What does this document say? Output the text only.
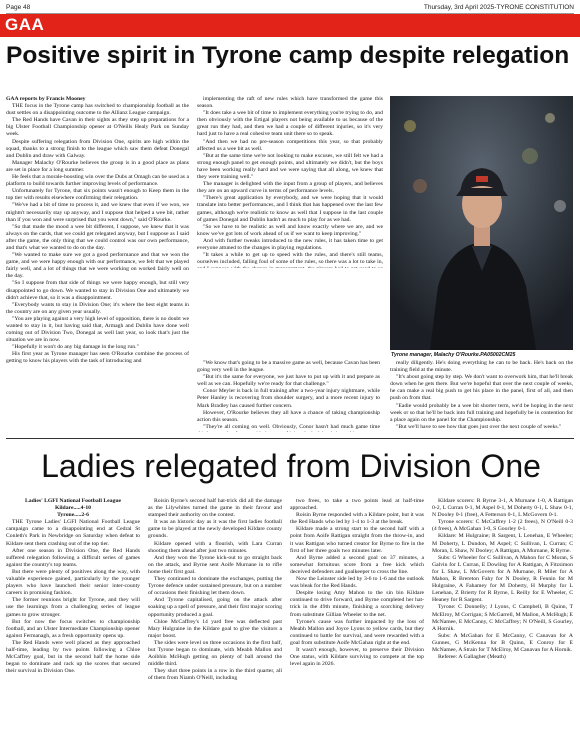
Page 48	Thursday, 3rd April 2025-TYRONE CONSTITUTION
GAA
Positive spirit in Tyrone camp despite relegation

GAA reports by Francis Mooney

THE focus in the Tyrone camp has switched to championship football as the dust settles on a disappointing outcome to the Allianz League campaign.

The Red Hands have Cavan in their sights as they step up preparations for a big Ulster Football Championship opener at O'Neills Healy Park on Sunday week.

Despite suffering relegation from Division One, spirits are high within the squad, thanks to a strong finish to the league which saw them defeat Donegal and Dublin and draw with Galway.

Manager Malachy O'Rourke believes the group is in a good place as plans are set in place for a long summer.

He feels that a morale-boosting win over the Dubs at Omagh can be used as a platform to build towards further improving levels of performance.

Unfortunately for Tyrone, that six points wasn't enough to Keep them in the top tier with results elsewhere confirming their relegation.

"We've had a bit of time to process it, and we knew that even if we won, we mightn't necessarily stay up anyway, and I suppose that helped a wee bit, rather than if you won and were surprised that you went down," said O'Rourke.

"So that made the mood a wee bit different, I suppose, we knew that it was always on the cards, that we could get relegated anyway, but I suppose as I said after the game, the only thing that we could control was our own performance, and that's what we wanted to do on the day.

"We wanted to make sure we got a good performance and that we won the game, and we were happy enough with our performance, we felt that we played fairly well, and a lot of things that we were working on worked fairly well on the day.

"So I suppose from that side of things we were happy enough, but still very disappointed to go down. We wanted to stay in Division One and ultimately we didn't achieve that, so it was a disappointment.

"Everybody wants to stay in Division One; it's where the best eight teams in the country are on any given year usually.

"You are playing against a very high level of opposition, there is no doubt we wanted to stay in it, but having said that, Armagh and Dublin have done well coming out of Division Two, Donegal as well last year, so look that's just the situation we are in now.

"Hopefully it won't do any big damage in the long run."

His first year as Tyrone manager has seen O'Rourke combine the process of getting to know his players with the task of introducing and

implementing the raft of new rules which have transformed the game this season.

"It does take a wee bit of time to implement everything you're trying to do, and then obviously with the Ertigal players not being available to us because of the great run they had, and then we had a couple of different injuries, so it's very hard just to have a real cohesive team unit there so to speak.

"And then we had no pre-season competitions this year, so that probably affected us a wee bit as well.

"But at the same time we're not looking to make excuses, we still felt we had a strong enough panel to get enough points, and ultimately we didn't, but the boys have been working really hard and we were saying that all along, we knew that they were training well."

The manager is delighted with the input from a group of players, and believes they are on an upward curve in terms of performance levels.

"There's great application by everybody, and we were hoping that it would translate into better performances, and I think that has happened over the last few games, although we're realistic to know as well that I suppose in the last couple of games Donegal and Dublin hadn't as much to play for as we had.

"So we have to be realistic as well and know exactly where we are, and we know we've got lots of work ahead of us if we want to keep improving."

And with further tweaks introduced to the new rules, it has taken time to get everyone attuned to the changes in playing regulations.

"It takes a while to get up to speed with the rules, and there's still teams, ourselves included, falling foul of some of the rules, so there was a lot to take in,

Tyrone manager, Malachy O'Rourke.PA05002CM25

"We know that's going to be a massive game as well, because Cavan has been going very well in the league.

"But it's the same for everyone, we just have to put up with it and prepare as well as we can. Hopefully we're ready for that challenge."

Conor Meyler is back in full training after a two-year injury nightmare, while Peter Hanley is recovering from shoulder surgery, and a more recent injury to Mark Bradley has caused further concern.

However, O'Rourke believes they all have a chance of taking championship action this season.

"They're all coming on well. Obviously, Conor hasn't had much game time

really diligently. He's doing everything he can to be back. He's back on the training field at the minute.

"It's about going step by step. We don't want to overwork him, that he'll break down when he gets there. But we're hopeful that over the next couple of weeks, he can make a real big push to get his place in the panel, first of all, and then push on from that.

"Eadie would probably be a wee bit shorter term, we'd be hoping in the next week or so that he'll be back into full training and hopefully be in contention for a place again on the panel for the Championship.

"But we'll have to see how that goes just over the next couple of weeks."

Ladies relegated from Division One

Ladies' LGFI National Football League

Kildare.....4-10

Tyrone.....2-6

THE Tyrone Ladies' LGFI National Football League campaign came to a disappointing end at Cedral St Conleth's Park in Newbridge on Saturday when defeat to Kildare sent them crashing out of the top tier.

After one season in Division One, the Red Hands suffered relegation following a difficult series of games against the country's top teams.

But there were plenty of positives along the way, with valuable experience gained, particularly by the younger players who have launched their senior inter-county careers in promising fashion.

The former reunions bright for Tyrone, and they will use the learnings from a challenging series of league games to grow stronger.

But for now the focus switches to championship football, and an Ulster Intermediate Championship opener against Fermanagh, as a fresh opportunity opens up.

The Red Hands were well placed as they approached half-time, leading by two points following a Chloe McCaffrey goal, but in the second half the home side began to dominate and rack up the scores that secured their survival in Division One.

Roisin Byrne's second half hat-trick did all the damage as the Lilywhites turned the game in their favour and stamped their authority on the contest.

It was an historic day as it was the first ladies football game to be played at the newly developed Kildare county grounds.

Kildare opened with a flourish, with Lara Curran shooting them ahead after just two minutes.

And they won the Tyrone kick-out to go straight back on the attack, and Byrne sent Aoife Murnane in to rifle home their first goal.

They continued to dominate the exchanges, putting the Tyrone defence under sustained pressure, but on a number of occasions their finishing let them down.

And Tyrone capitalised, going on the attack after soaking up a spell of pressure, and their first major scoring opportunity produced a goal.

Chloe McCaffrey's 14 yard free was deflected past Mary Hulgraine in the Kildare goal to give the visitors a major boost.

The sides were level on three occasions in the first half, but Tyrone began to dominate, with Meabh Mallon and Aoibhin McHugh getting on plenty of ball around the middle third.

They shot three points in a row in the third quarter, all of them from Niamh O'Neill, including

two frees, to take a two points lead at half-time approached.

Roisin Byrne responded with a Kildare point, but it was the Red Hands who led by 1-4 to 1-3 at the break.

Kildare made a strong start to the second half with a point from Aoife Rattigan straight from the throw-in, and it was Rattigan who turned creator for Byrne to fire in the first of her three goals two minutes later.

And Byrne added a second goal on 37 minutes, a somewhat fortuitous score from a free kick which deceived defenders and goalkeeper to cross the line.

Now the Leinster side led by 3-6 to 1-6 and the outlook was bleak for the Red Hands.

Despite losing Amy Mahon to the sin bin Kildare continued to drive forward, and Byrne completed her hat-trick in the 49th minute, finishing a scorching delivery from substitute Gillian Wheeler to the net.

Tyrone's cause was further impacted by the loss of Meabh Mallon and Joyce Lyons to yellow cards, but they continued to battle for survival, and were rewarded with a goal from substitute Aoife McGahan right at the end.

It wasn't enough, however, to preserve their Division One status, with Kildare surviving to compete at the top level again in 2026.

Kildare scorers: R Byrne 3-1, A Murnane 1-0, A Rattigan 0-2, L Curran 0-1, M Aspel 0-1, M Doherty 0-1, L Shaw 0-1, N Dooley 0-1 (free), A Fetterson 0-1, L McGovern 0-1.

Tyrone scorers: C McCaffrey 1-2 (2 frees), N O'Neill 0-3 (4 frees), A McGahan 1-0, S Goorley 0-1.

Kildare: M Hulgraine; R Sargent, L Lenehan, E Wheeler; M Doherty, L Dundon, M Aspel; C Sullivan, L Curran; C Moran, L Shaw, N Dooley; A Rattigan, A Murnane, R Byrne.

Subs: G Wheeler for C Sullivan, A Mahon for C Moran, S Galvin for L Curran, E Dowling for A Rattigan, A Fitzsimon for L Shaw, L McGovern for A Murnane, R Miler for A Mahon, R Brereton Fahy for N Dooley, R Fennin for M Hulgraine, A Fahamey for M Doherty, H Murphy for L Lenehan, Z Brierty for R Byrne, L Reilly for E Wheeler, C Heaney for R Sargent.

Tyrone: C Donnelly; J Lyons, C Campbell, B Quinn, T McElroy, M Corrigan; S McGarrell, M Mallon, A McHugh; E McNamee, E McCanny, C McCaffrey; N O'Neill, S Gourley, A Hornik.

Subs: A McGahan for E McCanny, C Canavan for A Gunnes, G McKenna for B Quinn, E Conroy for E McNamee, A Strain for T McElroy, M Canavan for A Hornik.

Referee: A Gallagher (Meath)
